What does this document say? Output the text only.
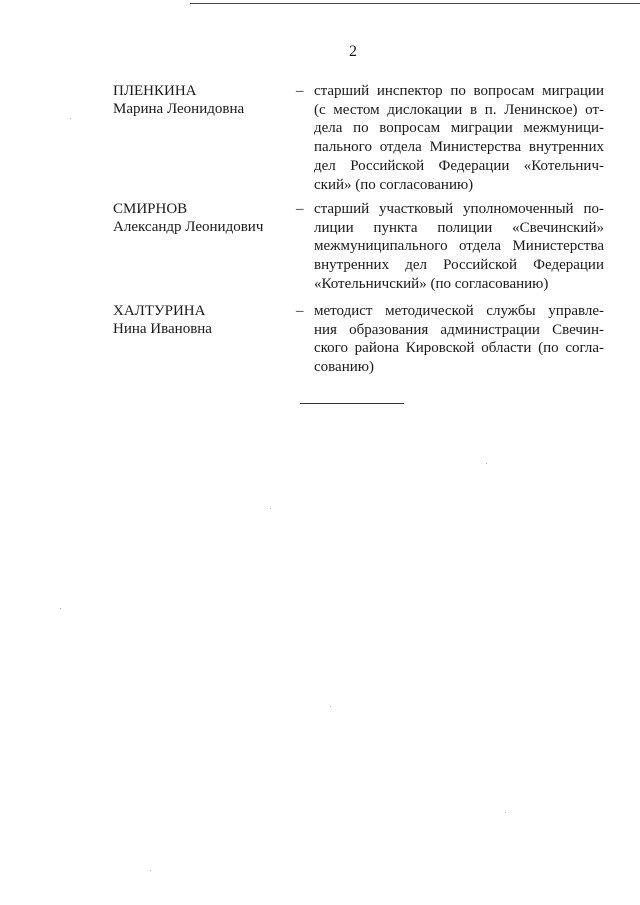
2
ПЛЕНКИНА
Марина Леонидовна
– старший инспектор по вопросам миграции
(с местом дислокации в п. Ленинское) от-
дела по вопросам миграции межмуници-
пального отдела Министерства внутренних
дел Российской Федерации «Котельнич-
ский» (по согласованию)
СМИРНОВ
Александр Леонидович
– старший участковый уполномоченный по-
лиции пункта полиции «Свечинский»
межмуниципального отдела Министерства
внутренних дел Российской Федерации
«Котельничский» (по согласованию)
ХАЛТУРИНА
Нина Ивановна
– методист методической службы управле-
ния образования администрации Свечин-
ского района Кировской области (по согла-
сованию)
